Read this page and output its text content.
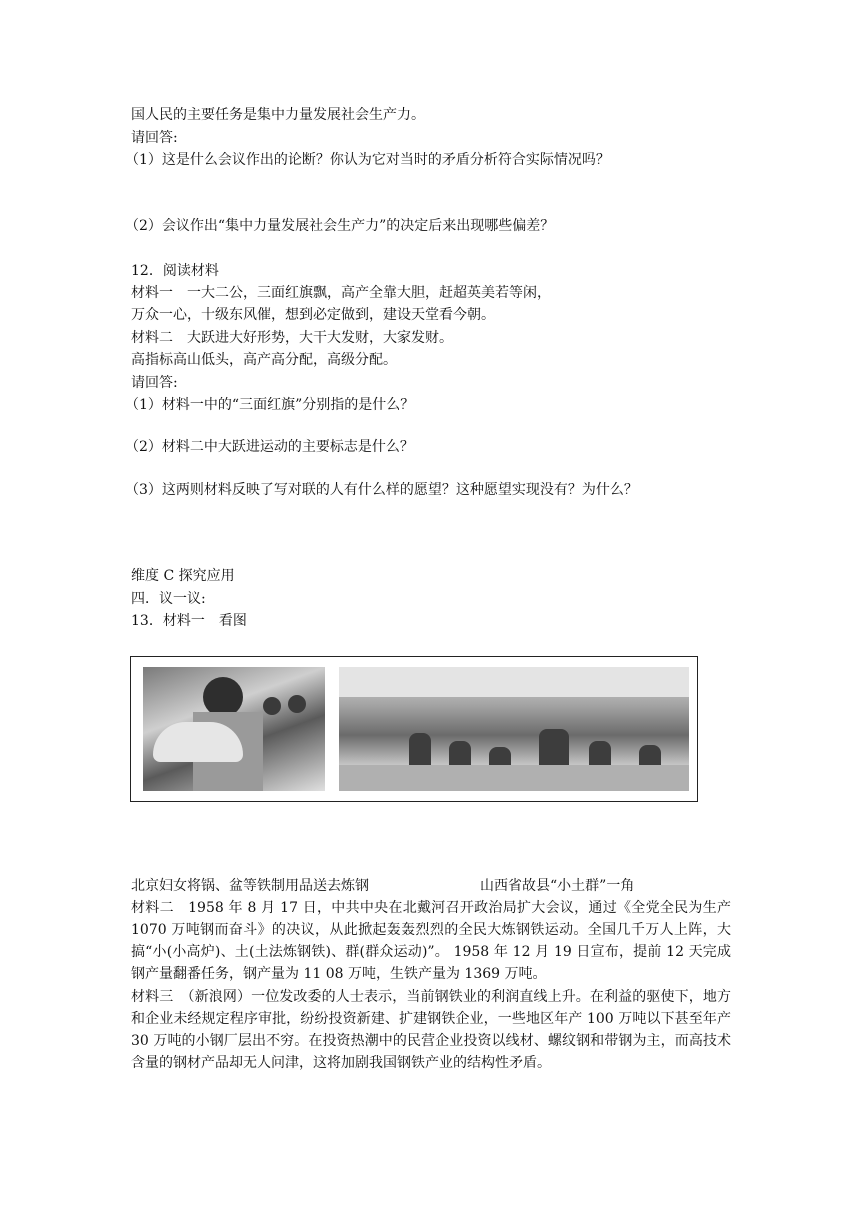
国人民的主要任务是集中力量发展社会生产力。
请回答:
（1）这是什么会议作出的论断？你认为它对当时的矛盾分析符合实际情况吗？
（2）会议作出“集中力量发展社会生产力”的决定后来出现哪些偏差？
12．阅读材料
材料一　一大二公，三面红旗飘，高产全靠大胆，赶超英美若等闲，
万众一心，十级东风催，想到必定做到，建设天堂看今朝。
材料二　大跃进大好形势，大干大发财，大家发财。
高指标高山低头，高产高分配，高级分配。
请回答:
（1）材料一中的“三面红旗”分别指的是什么？
（2）材料二中大跃进运动的主要标志是什么？
（3）这两则材料反映了写对联的人有什么样的愿望？这种愿望实现没有？为什么？
维度 C 探究应用
四．议一议:
13．材料一　看图
北京妇女将锅、盆等铁制用品送去炼钢	山西省故县“小土群”一角
材料二　1958 年 8 月 17 日，中共中央在北戴河召开政治局扩大会议，通过《全党全民为生产 1070 万吨钢而奋斗》的决议，从此掀起轰轰烈烈的全民大炼钢铁运动。全国几千万人上阵，大搞“小(小高炉)、土(土法炼钢铁)、群(群众运动)”。 1958 年 12 月 19 日宣布，提前 12 天完成钢产量翻番任务，钢产量为 11 08 万吨，生铁产量为 1369 万吨。
材料三　（新浪网）一位发改委的人士表示，当前钢铁业的利润直线上升。在利益的驱使下，地方和企业未经规定程序审批，纷纷投资新建、扩建钢铁企业，一些地区年产 100 万吨以下甚至年产 30 万吨的小钢厂层出不穷。在投资热潮中的民营企业投资以线材、螺纹钢和带钢为主，而高技术含量的钢材产品却无人问津，这将加剧我国钢铁产业的结构性矛盾。
